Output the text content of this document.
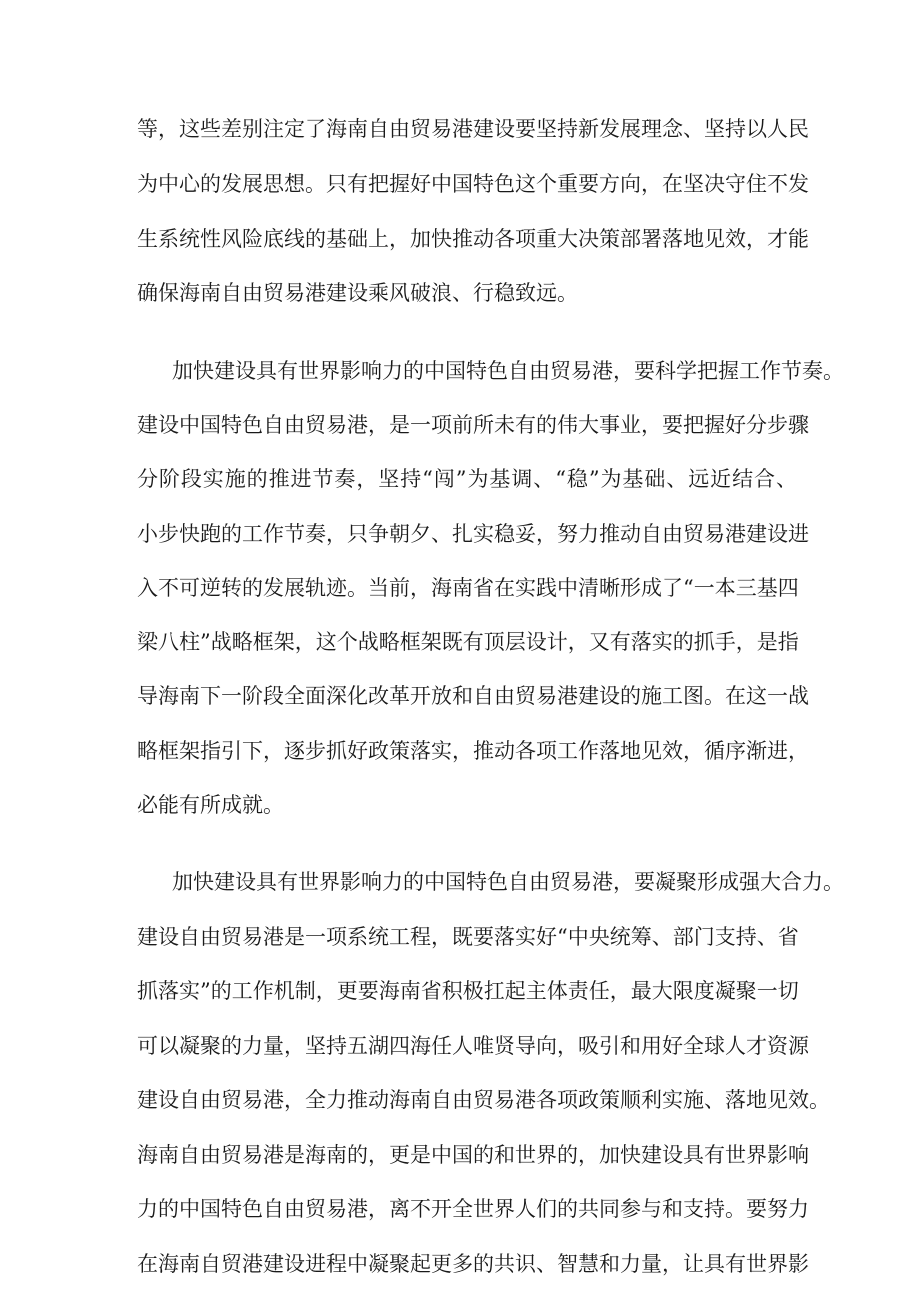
等，这些差别注定了海南自由贸易港建设要坚持新发展理念、坚持以人民
为中心的发展思想。只有把握好中国特色这个重要方向，在坚决守住不发
生系统性风险底线的基础上，加快推动各项重大决策部署落地见效，才能
确保海南自由贸易港建设乘风破浪、行稳致远。
加快建设具有世界影响力的中国特色自由贸易港，要科学把握工作节奏。
建设中国特色自由贸易港，是一项前所未有的伟大事业，要把握好分步骤
分阶段实施的推进节奏，坚持“闯”为基调、“稳”为基础、远近结合、
小步快跑的工作节奏，只争朝夕、扎实稳妥，努力推动自由贸易港建设进
入不可逆转的发展轨迹。当前，海南省在实践中清晰形成了“一本三基四
梁八柱”战略框架，这个战略框架既有顶层设计，又有落实的抓手，是指
导海南下一阶段全面深化改革开放和自由贸易港建设的施工图。在这一战
略框架指引下，逐步抓好政策落实，推动各项工作落地见效，循序渐进，
必能有所成就。
加快建设具有世界影响力的中国特色自由贸易港，要凝聚形成强大合力。
建设自由贸易港是一项系统工程，既要落实好“中央统筹、部门支持、省
抓落实”的工作机制，更要海南省积极扛起主体责任，最大限度凝聚一切
可以凝聚的力量，坚持五湖四海任人唯贤导向，吸引和用好全球人才资源
建设自由贸易港，全力推动海南自由贸易港各项政策顺利实施、落地见效。
海南自由贸易港是海南的，更是中国的和世界的，加快建设具有世界影响
力的中国特色自由贸易港，离不开全世界人们的共同参与和支持。要努力
在海南自贸港建设进程中凝聚起更多的共识、智慧和力量，让具有世界影
